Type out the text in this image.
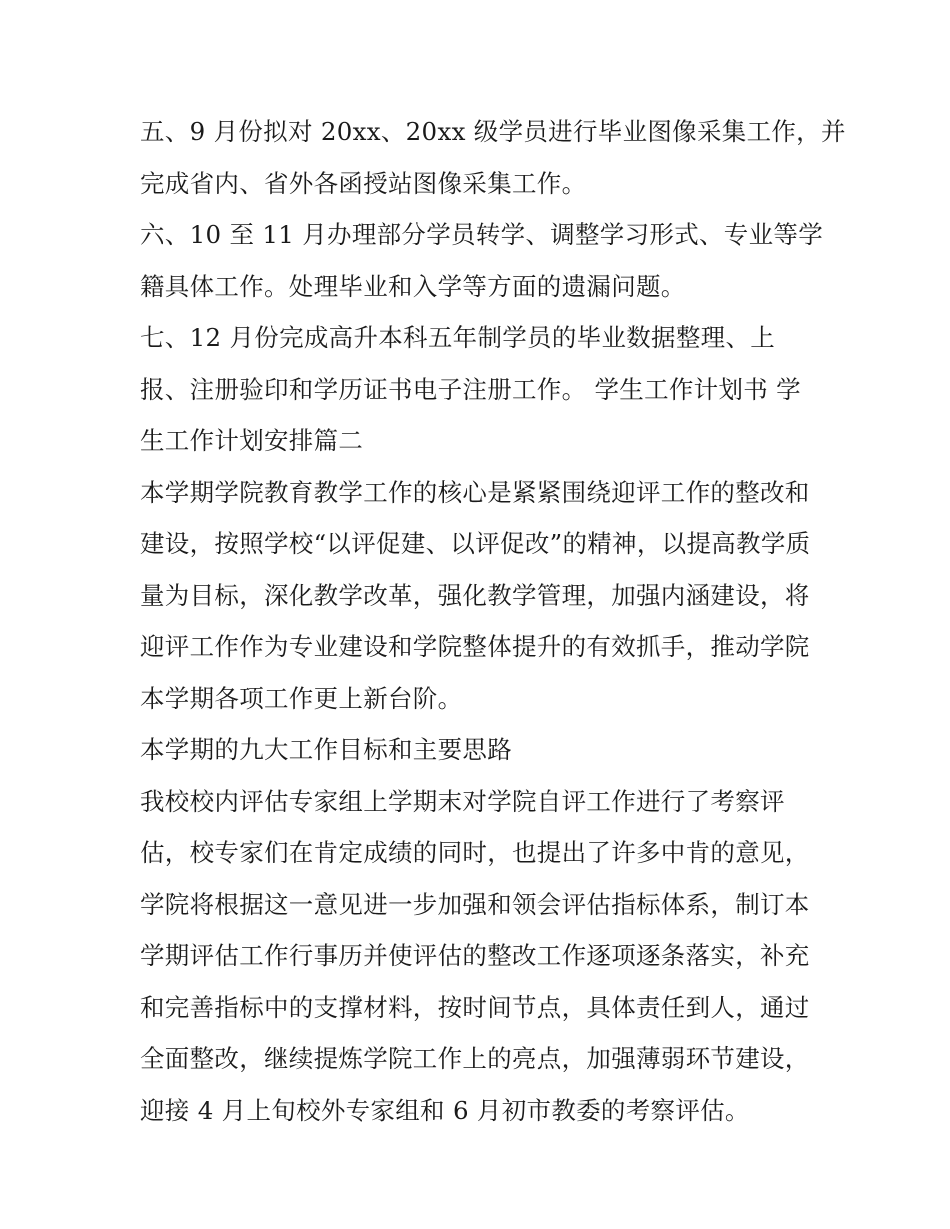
五、9 月份拟对 20xx、20xx 级学员进行毕业图像采集工作，并
完成省内、省外各函授站图像采集工作。
六、10 至 11 月办理部分学员转学、调整学习形式、专业等学
籍具体工作。处理毕业和入学等方面的遗漏问题。
七、12 月份完成高升本科五年制学员的毕业数据整理、上
报、注册验印和学历证书电子注册工作。 学生工作计划书 学
生工作计划安排篇二
本学期学院教育教学工作的核心是紧紧围绕迎评工作的整改和
建设，按照学校“以评促建、以评促改”的精神，以提高教学质
量为目标，深化教学改革，强化教学管理，加强内涵建设，将
迎评工作作为专业建设和学院整体提升的有效抓手，推动学院
本学期各项工作更上新台阶。
本学期的九大工作目标和主要思路
我校校内评估专家组上学期末对学院自评工作进行了考察评
估，校专家们在肯定成绩的同时，也提出了许多中肯的意见，
学院将根据这一意见进一步加强和领会评估指标体系，制订本
学期评估工作行事历并使评估的整改工作逐项逐条落实，补充
和完善指标中的支撑材料，按时间节点，具体责任到人，通过
全面整改，继续提炼学院工作上的亮点，加强薄弱环节建设，
迎接 4 月上旬校外专家组和 6 月初市教委的考察评估。
